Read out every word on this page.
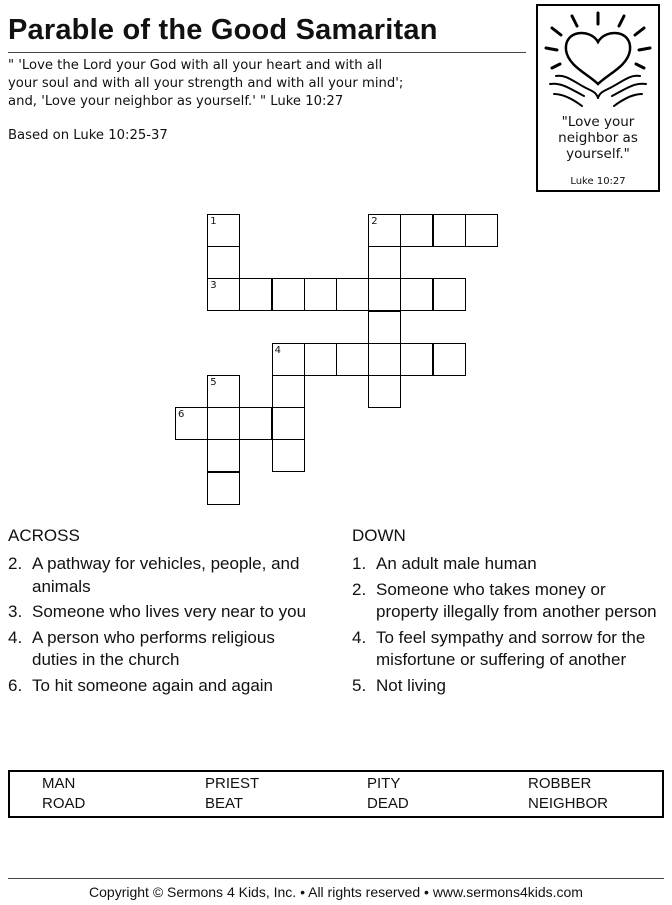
Parable of the Good Samaritan
" 'Love the Lord your God with all your heart and with all
your soul and with all your strength and with all your mind';
and, 'Love your neighbor as yourself.' " Luke 10:27
Based on Luke 10:25-37
"Love your
neighbor as
yourself."
Luke 10:27
1	2
3
4
5
6
ACROSS
2. A pathway for vehicles, people, and animals
3. Someone who lives very near to you
4. A person who performs religious duties in the church
6. To hit someone again and again
DOWN
1. An adult male human
2. Someone who takes money or property illegally from another person
4. To feel sympathy and sorrow for the misfortune or suffering of another
5. Not living
MAN	PRIEST	PITY	ROBBER
ROAD	BEAT	DEAD	NEIGHBOR
Copyright © Sermons 4 Kids, Inc. • All rights reserved • www.sermons4kids.com
